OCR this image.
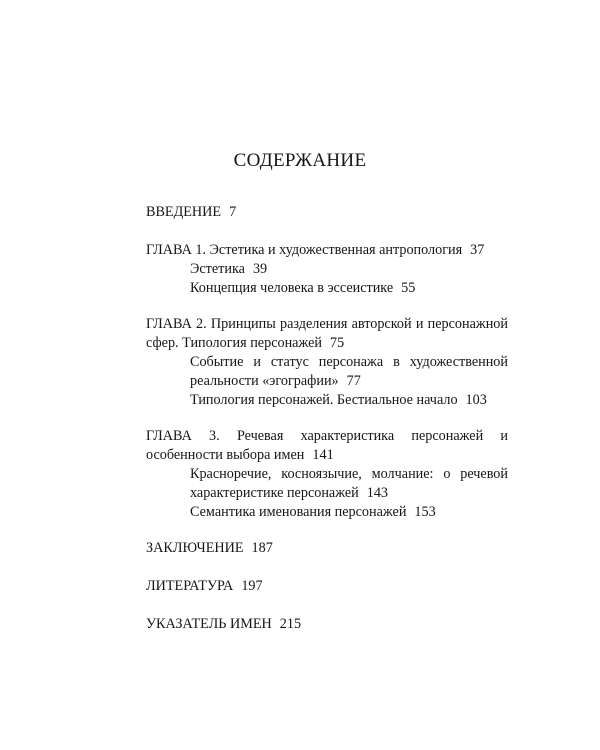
СОДЕРЖАНИЕ
ВВЕДЕНИЕ 7
ГЛАВА 1. Эстетика и художественная антропология 37
Эстетика 39
Концепция человека в эссеистике 55
ГЛАВА 2. Принципы разделения авторской и персонажной сфер. Типология персонажей 75
Событие и статус персонажа в художественной реальности «эгографии» 77
Типология персонажей. Бестиальное начало 103
ГЛАВА 3. Речевая характеристика персонажей и особенности выбора имен 141
Красноречие, косноязычие, молчание: о речевой характеристике персонажей 143
Семантика именования персонажей 153
ЗАКЛЮЧЕНИЕ 187
ЛИТЕРАТУРА 197
УКАЗАТЕЛЬ ИМЕН 215
